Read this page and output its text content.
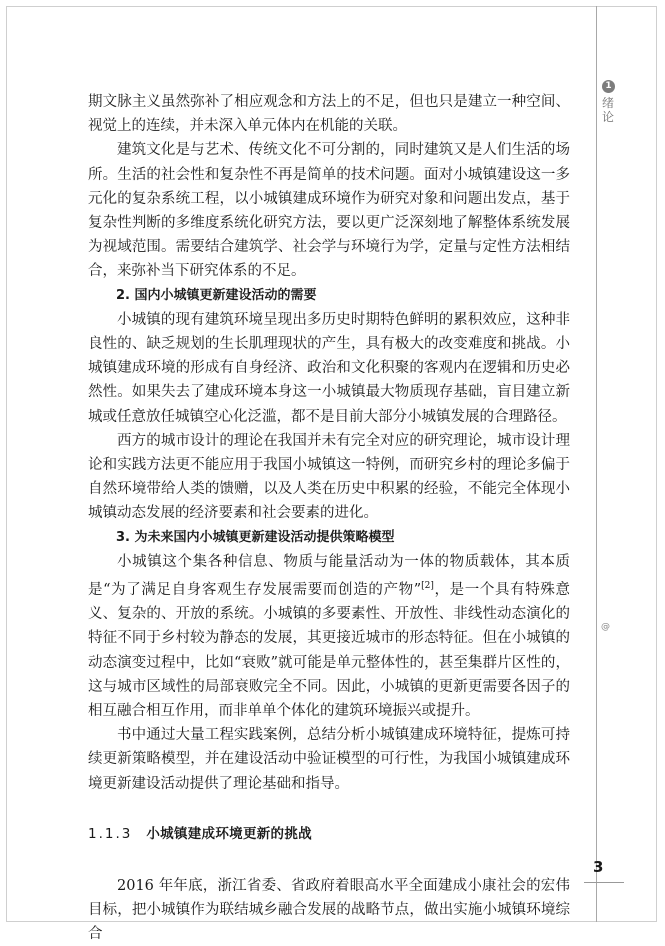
1
绪论
@

期文脉主义虽然弥补了相应观念和方法上的不足，但也只是建立一种空间、视觉上的连续，并未深入单元体内在机能的关联。

建筑文化是与艺术、传统文化不可分割的，同时建筑又是人们生活的场所。生活的社会性和复杂性不再是简单的技术问题。面对小城镇建设这一多元化的复杂系统工程，以小城镇建成环境作为研究对象和问题出发点，基于复杂性判断的多维度系统化研究方法，要以更广泛深刻地了解整体系统发展为视域范围。需要结合建筑学、社会学与环境行为学，定量与定性方法相结合，来弥补当下研究体系的不足。

2. 国内小城镇更新建设活动的需要

小城镇的现有建筑环境呈现出多历史时期特色鲜明的累积效应，这种非良性的、缺乏规划的生长肌理现状的产生，具有极大的改变难度和挑战。小城镇建成环境的形成有自身经济、政治和文化积聚的客观内在逻辑和历史必然性。如果失去了建成环境本身这一小城镇最大物质现存基础，盲目建立新城或任意放任城镇空心化泛滥，都不是目前大部分小城镇发展的合理路径。

西方的城市设计的理论在我国并未有完全对应的研究理论，城市设计理论和实践方法更不能应用于我国小城镇这一特例，而研究乡村的理论多偏于自然环境带给人类的馈赠，以及人类在历史中积累的经验，不能完全体现小城镇动态发展的经济要素和社会要素的进化。

3. 为未来国内小城镇更新建设活动提供策略模型

小城镇这个集各种信息、物质与能量活动为一体的物质载体，其本质是“为了满足自身客观生存发展需要而创造的产物”[2]，是一个具有特殊意义、复杂的、开放的系统。小城镇的多要素性、开放性、非线性动态演化的特征不同于乡村较为静态的发展，其更接近城市的形态特征。但在小城镇的动态演变过程中，比如“衰败”就可能是单元整体性的，甚至集群片区性的，这与城市区域性的局部衰败完全不同。因此，小城镇的更新更需要各因子的相互融合相互作用，而非单单个体化的建筑环境振兴或提升。

书中通过大量工程实践案例，总结分析小城镇建成环境特征，提炼可持续更新策略模型，并在建设活动中验证模型的可行性，为我国小城镇建成环境更新建设活动提供了理论基础和指导。

1.1.3 小城镇建成环境更新的挑战

2016 年年底，浙江省委、省政府着眼高水平全面建成小康社会的宏伟目标，把小城镇作为联结城乡融合发展的战略节点，做出实施小城镇环境综合

3
